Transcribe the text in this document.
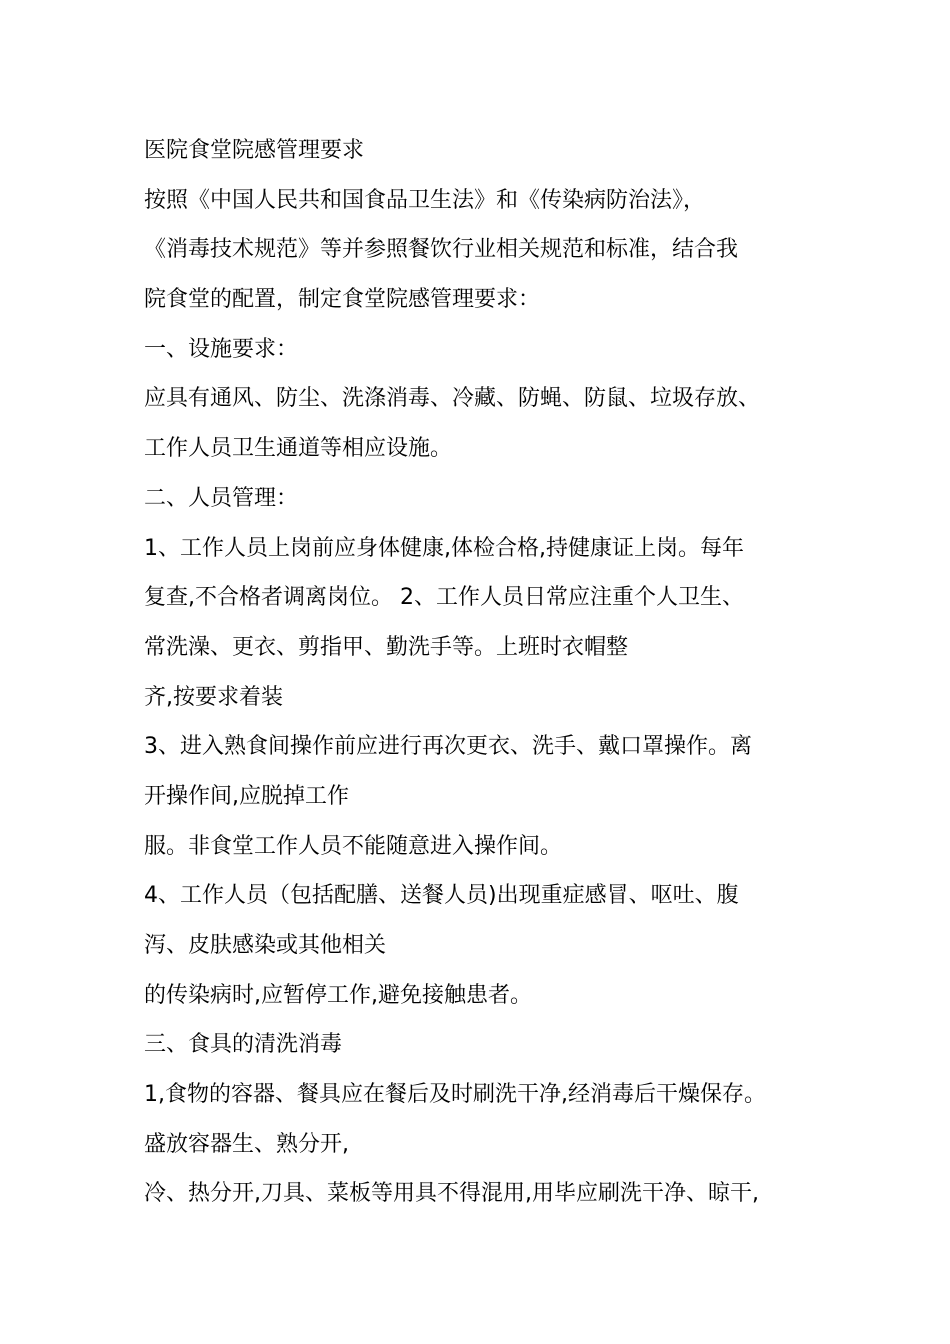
医院食堂院感管理要求
按照《中国人民共和国食品卫生法》和《传染病防治法》，
《消毒技术规范》等并参照餐饮行业相关规范和标准，结合我
院食堂的配置，制定食堂院感管理要求：
一、设施要求：
应具有通风、防尘、洗涤消毒、冷藏、防蝇、防鼠、垃圾存放、
工作人员卫生通道等相应设施。
二、人员管理：
1、工作人员上岗前应身体健康,体检合格,持健康证上岗。每年
复查,不合格者调离岗位。 2、工作人员日常应注重个人卫生、
常洗澡、更衣、剪指甲、勤洗手等。上班时衣帽整
齐,按要求着装
3、进入熟食间操作前应进行再次更衣、洗手、戴口罩操作。离
开操作间,应脱掉工作
服。非食堂工作人员不能随意进入操作间。
4、工作人员（包括配膳、送餐人员)出现重症感冒、呕吐、腹
泻、皮肤感染或其他相关
的传染病时,应暂停工作,避免接触患者。
三、食具的清洗消毒
1,食物的容器、餐具应在餐后及时刷洗干净,经消毒后干燥保存。
盛放容器生、熟分开,
冷、热分开,刀具、菜板等用具不得混用,用毕应刷洗干净、晾干,
